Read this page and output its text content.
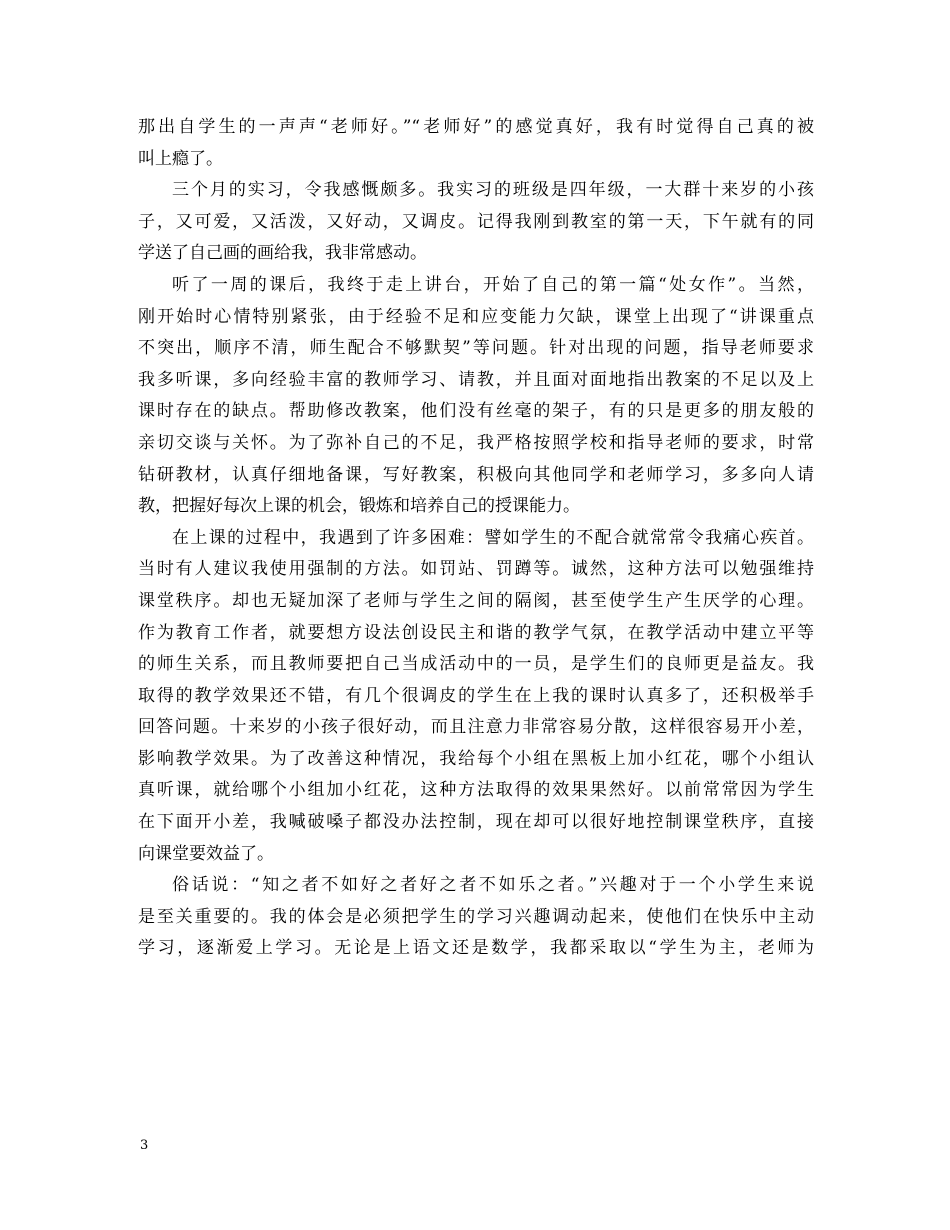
那出自学生的一声声“老师好。”“老师好”的感觉真好，我有时觉得自己真的被
叫上瘾了。
三个月的实习，令我感慨颇多。我实习的班级是四年级，一大群十来岁的小孩
子，又可爱，又活泼，又好动，又调皮。记得我刚到教室的第一天，下午就有的同
学送了自己画的画给我，我非常感动。
听了一周的课后，我终于走上讲台，开始了自己的第一篇“处女作”。当然，
刚开始时心情特别紧张，由于经验不足和应变能力欠缺，课堂上出现了“讲课重点
不突出，顺序不清，师生配合不够默契”等问题。针对出现的问题，指导老师要求
我多听课，多向经验丰富的教师学习、请教，并且面对面地指出教案的不足以及上
课时存在的缺点。帮助修改教案，他们没有丝毫的架子，有的只是更多的朋友般的
亲切交谈与关怀。为了弥补自己的不足，我严格按照学校和指导老师的要求，时常
钻研教材，认真仔细地备课，写好教案，积极向其他同学和老师学习，多多向人请
教，把握好每次上课的机会，锻炼和培养自己的授课能力。
在上课的过程中，我遇到了许多困难：譬如学生的不配合就常常令我痛心疾首。
当时有人建议我使用强制的方法。如罚站、罚蹲等。诚然，这种方法可以勉强维持
课堂秩序。却也无疑加深了老师与学生之间的隔阂，甚至使学生产生厌学的心理。
作为教育工作者，就要想方设法创设民主和谐的教学气氛，在教学活动中建立平等
的师生关系，而且教师要把自己当成活动中的一员，是学生们的良师更是益友。我
取得的教学效果还不错，有几个很调皮的学生在上我的课时认真多了，还积极举手
回答问题。十来岁的小孩子很好动，而且注意力非常容易分散，这样很容易开小差，
影响教学效果。为了改善这种情况，我给每个小组在黑板上加小红花，哪个小组认
真听课，就给哪个小组加小红花，这种方法取得的效果果然好。以前常常因为学生
在下面开小差，我喊破嗓子都没办法控制，现在却可以很好地控制课堂秩序，直接
向课堂要效益了。
俗话说：“知之者不如好之者好之者不如乐之者。”兴趣对于一个小学生来说
是至关重要的。我的体会是必须把学生的学习兴趣调动起来，使他们在快乐中主动
学习，逐渐爱上学习。无论是上语文还是数学，我都采取以“学生为主，老师为
3
